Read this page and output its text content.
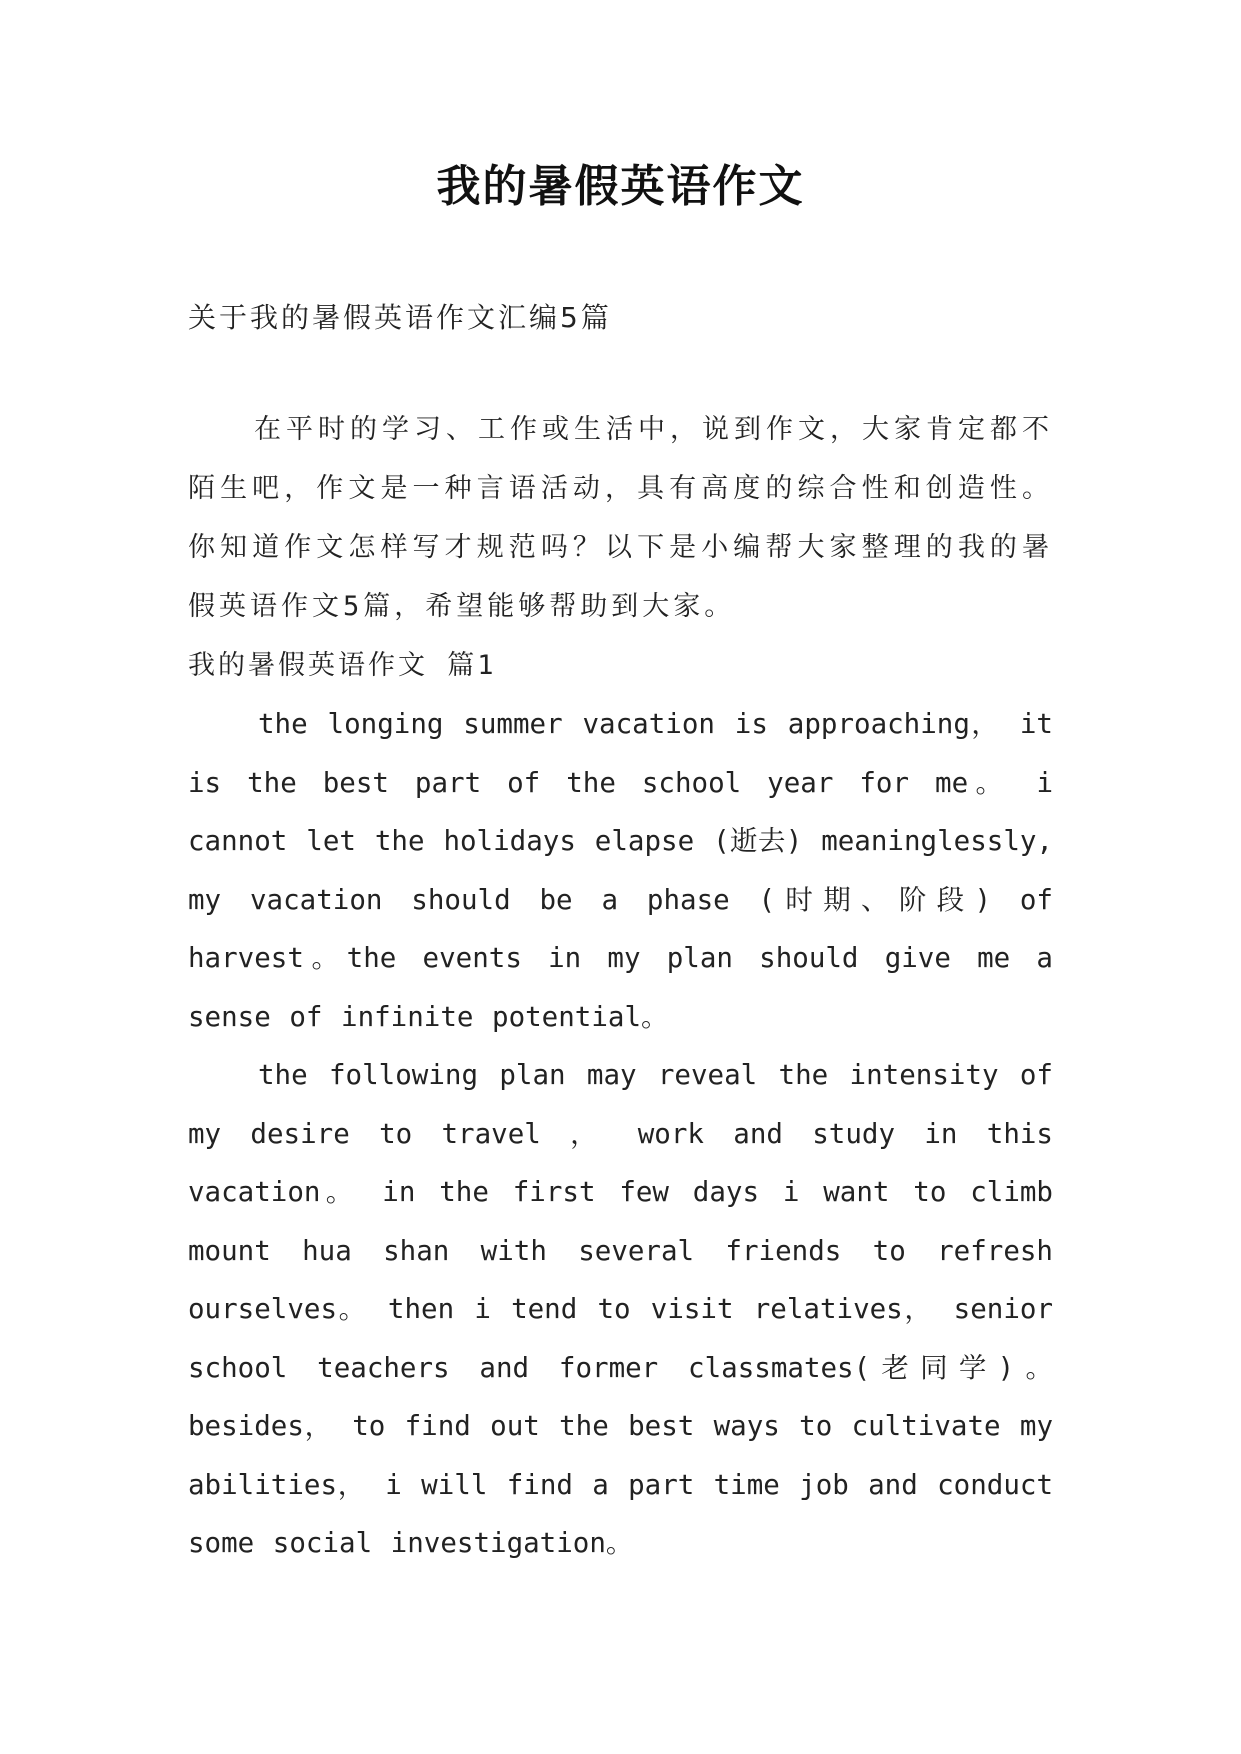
我的暑假英语作文
关于我的暑假英语作文汇编5篇

在平时的学习、工作或生活中，说到作文，大家肯定都不陌生吧，作文是一种言语活动，具有高度的综合性和创造性。你知道作文怎样写才规范吗？以下是小编帮大家整理的我的暑假英语作文5篇，希望能够帮助到大家。

我的暑假英语作文 篇1

the longing summer vacation is approaching， it is the best part of the school year for me。 i cannot let the holidays elapse (逝去) meaninglessly, my vacation should be a phase (时期、阶段) of harvest。the events in my plan should give me a sense of infinite potential。

the following plan may reveal the intensity of my desire to travel ， work and study in this vacation。 in the first few days i want to climb mount hua shan with several friends to refresh ourselves。 then i tend to visit relatives， senior school teachers and former classmates(老同学)。besides， to find out the best ways to cultivate my abilities， i will find a part time job and conduct some social investigation。
